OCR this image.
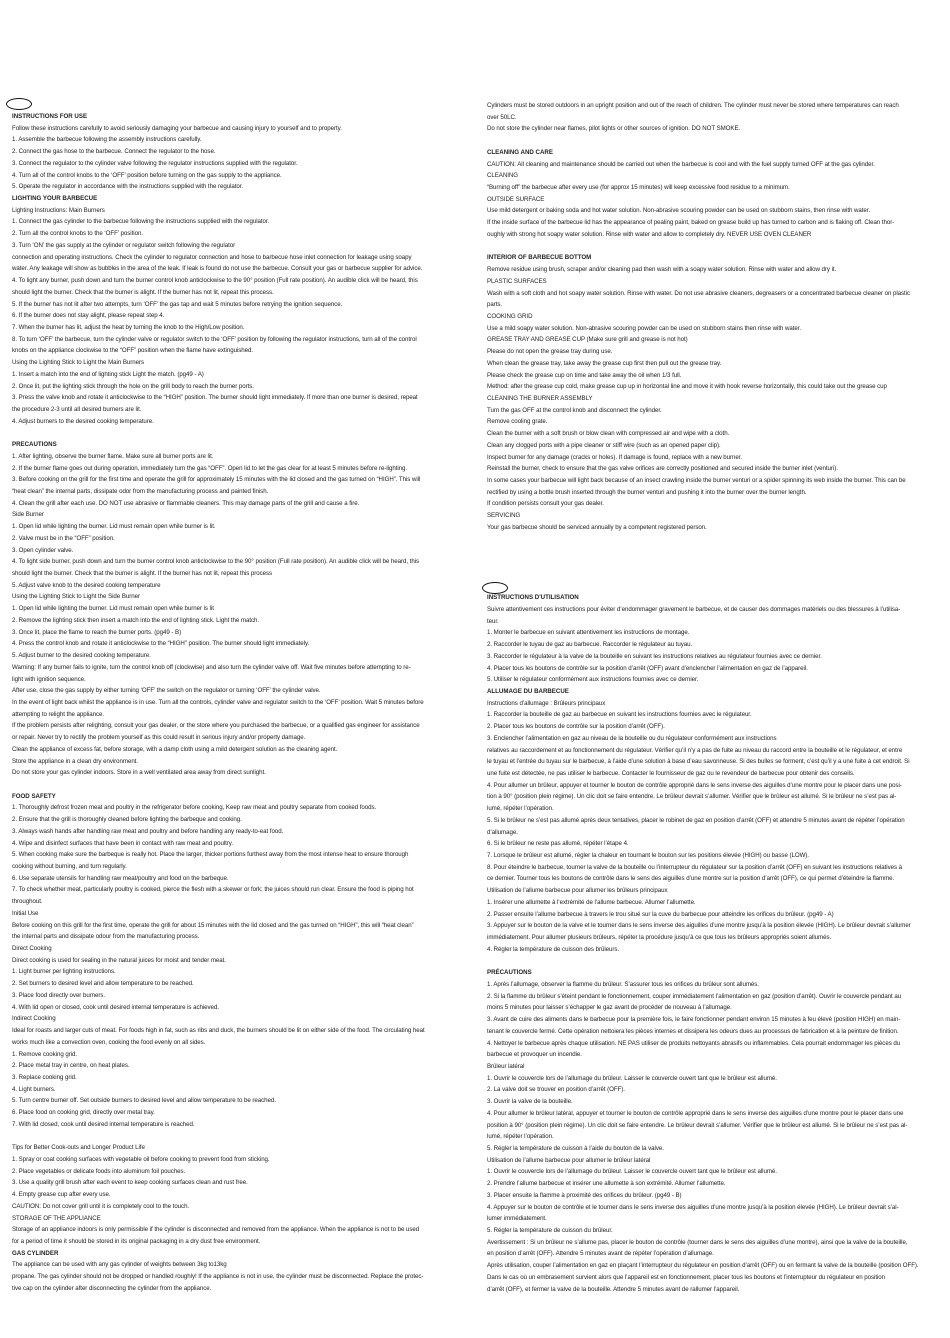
INSTRUCTIONS FOR USE
Follow these instructions carefully to avoid seriously damaging your barbecue and causing injury to yourself and to property.
1. Assemble the barbecue following the assembly instructions carefully.
2. Connect the gas hose to the barbecue. Connect the regulator to the hose.
3. Connect the regulator to the cylinder valve following the regulator instructions supplied with the regulator.
4. Turn all of the control knobs to the ‘OFF’ position before turning on the gas supply to the appliance.
5. Operate the regulator in accordance with the instructions supplied with the regulator.
LIGHTING YOUR BARBECUE
Lighting Instructions: Main Burners
1. Connect the gas cylinder to the barbecue following the instructions supplied with the regulator.
2. Turn all the control knobs to the ‘OFF’ position.
3. Turn ‘ON’ the gas supply at the cylinder or regulator switch following the regulator
connection and operating instructions. Check the cylinder to regulator connection and hose to barbecue hose inlet connection for leakage using soapy
water. Any leakage will show as bubbles in the area of the leak. If leak is found do not use the barbecue. Consult your gas or barbecue supplier for advice.
4. To light any burner, push down and turn the burner control knob anticlockwise to the 90° position (Full rate position). An audible click will be heard, this
should light the burner. Check that the burner is alight. If the burner has not lit, repeat this process.
5. If the burner has not lit after two attempts, turn ‘OFF’ the gas tap and wait 5 minutes before retrying the ignition sequence.
6. If the burner does not stay alight, please repeat step 4.
7. When the burner has lit, adjust the heat by turning the knob to the High/Low position.
8. To turn ‘OFF’ the barbecue, turn the cylinder valve or regulator switch to the ‘OFF’ position by following the regulator instructions, turn all of the control
knobs on the appliance clockwise to the “OFF” position when the flame have extinguished.
Using the Lighting Stick to Light the Main Burners
1. Insert a match into the end of lighting stick Light the match. (pg49 - A)
2. Once lit, put the lighting stick through the hole on the grill body to reach the burner ports.
3. Press the valve knob and rotate it anticlockwise to the “HIGH” position. The burner should light immediately. If more than one burner is desired, repeat
the procedure 2-3 until all desired burners are lit.
4. Adjust burners to the desired cooking temperature.
PRECAUTIONS
1. After lighting, observe the burner flame. Make sure all burner ports are lit.
2. If the burner flame goes out during operation, immediately turn the gas “OFF”. Open lid to let the gas clear for at least 5 minutes before re-lighting.
3. Before cooking on the grill for the first time and operate the grill for approximately 15 minutes with the lid closed and the gas turned on “HIGH”. This will
“heat clean” the internal parts, dissipate odor from the manufacturing process and painted finish.
4. Clean the grill after each use. DO NOT use abrasive or flammable cleaners. This may damage parts of the grill and cause a fire.
Side Burner
1. Open lid while lighting the burner. Lid must remain open while burner is lit.
2. Valve must be in the “OFF” position.
3. Open cylinder valve.
4. To light side burner, push down and turn the burner control knob anticlockwise to the 90° position (Full rate position). An audible click will be heard, this
should light the burner. Check that the burner is alight. If the burner has not lit, repeat this process
5. Adjust valve knob to the desired cooking temperature
Using the Lighting Stick to Light the Side Burner
1. Open lid while lighting the burner. Lid must remain open while burner is lit
2. Remove the lighting stick then insert a match into the end of lighting stick. Light the match.
3. Once lit, place the flame to reach the burner ports. (pg49 - B)
4. Press the control knob and rotate it anticlockwise to the “HIGH” position. The burner should light immediately.
5. Adjust burner to the desired cooking temperature.
Warning: If any burner fails to ignite, turn the control knob off (clockwise) and also turn the cylinder valve off. Wait five minutes before attempting to re-
light with ignition sequence.
After use, close the gas supply by either turning ‘OFF’ the switch on the regulator or turning ‘OFF’ the cylinder valve.
In the event of light back whilst the appliance is in use. Turn all the controls, cylinder valve and regulator switch to the ‘OFF’ position. Wait 5 minutes before
attempting to relight the appliance.
If the problem persists after relighting, consult your gas dealer, or the store where you purchased the barbecue, or a qualified gas engineer for assistance
or repair. Never try to rectify the problem yourself as this could result in serious injury and/or property damage.
Clean the appliance of excess fat, before storage, with a damp cloth using a mild detergent solution as the cleaning agent.
Store the appliance in a clean dry environment.
Do not store your gas cylinder indoors. Store in a well ventilated area away from direct sunlight.
FOOD SAFETY
1. Thoroughly defrost frozen meat and poultry in the refrigerator before cooking, Keep raw meat and poultry separate from cooked foods.
2. Ensure that the grill is thoroughly cleaned before lighting the barbeque and cooking.
3. Always wash hands after handling raw meat and poultry and before handling any ready-to-eat food.
4. Wipe and disinfect surfaces that have been in contact with raw meat and poultry.
5. When cooking make sure the barbeque is really hot. Place the larger, thicker portions furthest away from the most intense heat to ensure thorough
cooking without burning, and turn regularly.
6. Use separate utensils for handling raw meat/poultry and food on the barbeque.
7. To check whether meat, particularly poultry is cooked, pierce the flesh with a skewer or fork; the juices should run clear. Ensure the food is piping hot
throughout.
Initial Use
Before cooking on this grill for the first time, operate the grill for about 15 minutes with the lid closed and the gas turned on “HIGH”, this will “heat clean”
the internal parts and dissipate odour from the manufacturing process.
Direct Cooking
Direct cooking is used for sealing in the natural juices for moist and tender meat.
1. Light burner per lighting instructions.
2. Set burners to desired level and allow temperature to be reached.
3. Place food directly over burners.
4. With lid open or closed, cook until desired internal temperature is achieved.
Indirect Cooking
Ideal for roasts and larger cuts of meat. For foods high in fat, such as ribs and duck, the burners should be lit on either side of the food. The circulating heat
works much like a convection oven, cooking the food evenly on all sides.
1. Remove cooking grid.
2. Place metal tray in centre, on heat plates.
3. Replace cooking grid.
4. Light burners.
5. Turn centre burner off. Set outside burners to desired level and allow temperature to be reached.
6. Place food on cooking grid, directly over metal tray.
7. With lid closed, cook until desired internal temperature is reached.
Tips for Better Cook-outs and Longer Product Life
1. Spray or coat cooking surfaces with vegetable oil before cooking to prevent food from sticking.
2. Place vegetables or delicate foods into aluminum foil pouches.
3. Use a quality grill brush after each event to keep cooking surfaces clean and rust free.
4. Empty grease cup after every use.
CAUTION: Do not cover grill until it is completely cool to the touch.
STORAGE OF THE APPLIANCE
Storage of an appliance indoors is only permissible if the cylinder is disconnected and removed from the appliance. When the appliance is not to be used
for a period of time it should be stored in its original packaging in a dry dust free environment.
GAS CYLINDER
The appliance can be used with any gas cylinder of weights between 3kg to13kg
propane. The gas cylinder should not be dropped or handled roughly! If the appliance is not in use, the cylinder must be disconnected. Replace the protec-
tive cap on the cylinder after disconnecting the cylinder from the appliance.
Cylinders must be stored outdoors in an upright position and out of the reach of children. The cylinder must never be stored where temperatures can reach
over 50LC.
Do not store the cylinder near flames, pilot lights or other sources of ignition. DO NOT SMOKE.
CLEANING AND CARE
CAUTION: All cleaning and maintenance should be carried out when the barbecue is cool and with the fuel supply turned OFF at the gas cylinder.
CLEANING
“Burning off” the barbecue after every use (for approx 15 minutes) will keep excessive food residue to a minimum.
OUTSIDE SURFACE
Use mild detergent or baking soda and hot water solution. Non-abrasive scouring powder can be used on stubborn stains, then rinse with water.
If the inside surface of the barbecue lid has the appearance of pealing paint, baked on grease build up has turned to carbon and is flaking off. Clean thor-
oughly with strong hot soapy water solution. Rinse with water and allow to completely dry. NEVER USE OVEN CLEANER
INTERIOR OF BARBECUE BOTTOM
Remove residue using brush, scraper and/or cleaning pad then wash with a soapy water solution. Rinse with water and allow dry it.
PLASTIC SURFACES
Wash with a soft cloth and hot soapy water solution. Rinse with water. Do not use abrasive cleaners, degreasers or a concentrated barbecue cleaner on plastic
parts.
COOKING GRID
Use a mild soapy water solution. Non-abrasive scouring powder can be used on stubborn stains then rinse with water.
GREASE TRAY AND GREASE CUP (Make sure grill and grease is not hot)
Please do not open the grease tray during use.
When clean the grease tray, take away the grease cup first then pull out the grease tray.
Please check the grease cup on time and take away the oil when 1/3 full.
Method: after the grease cup cold, make grease cup up in horizontal line and move it with hook reverse horizontally, this could take out the grease cup
CLEANING THE BURNER ASSEMBLY
Turn the gas OFF at the control knob and disconnect the cylinder.
Remove cooling grate.
Clean the burner with a soft brush or blow clean with compressed air and wipe with a cloth.
Clean any clogged ports with a pipe cleaner or stiff wire (such as an opened paper clip).
Inspect burner for any damage (cracks or holes). If damage is found, replace with a new burner.
Reinstall the burner, check to ensure that the gas valve orifices are correctly positioned and secured inside the burner inlet (venturi).
In some cases your barbecue will light back because of an insect crawling inside the burner venturi or a spider spinning its web inside the burner. This can be
rectified by using a bottle brush inserted through the burner venturi and pushing it into the burner over the burner length.
If condition persists consult your gas dealer.
SERVICING
Your gas barbecue should be serviced annually by a competent registered person.
INSTRUCTIONS D'UTILISATION
Suivre attentivement ces instructions pour éviter d’endommager gravement le barbecue, et de causer des dommages matériels ou des blessures à l’utilisa-
teur.
1. Monter le barbecue en suivant attentivement les instructions de montage.
2. Raccorder le tuyau de gaz au barbecue. Raccorder le régulateur au tuyau.
3. Raccorder le régulateur à la valve de la bouteille en suivant les instructions relatives au régulateur fournies avec ce dernier.
4. Placer tous les boutons de contrôle sur la position d’arrêt (OFF) avant d’enclencher l’alimentation en gaz de l’appareil.
5. Utiliser le régulateur conformément aux instructions fournies avec ce dernier.
ALLUMAGE DU BARBECUE
Instructions d’allumage : Brûleurs principaux
1. Raccorder la bouteille de gaz au barbecue en suivant les instructions fournies avec le régulateur.
2. Placer tous les boutons de contrôle sur la position d’arrêt (OFF).
3. Enclencher l’alimentation en gaz au niveau de la bouteille ou du régulateur conformément aux instructions
relatives au raccordement et au fonctionnement du régulateur. Vérifier qu’il n’y a pas de fuite au niveau du raccord entre la bouteille et le régulateur, et entre
le tuyau et l’entrée du tuyau sur le barbecue, à l’aide d’une solution à base d’eau savonneuse. Si des bulles se forment, c’est qu’il y a une fuite à cet endroit. Si
une fuite est détectée, ne pas utiliser le barbecue. Contacter le fournisseur de gaz ou le revendeur de barbecue pour obtenir des conseils.
4. Pour allumer un brûleur, appuyer et tourner le bouton de contrôle approprié dans le sens inverse des aiguilles d’une montre pour le placer dans une posi-
tion à 90° (position plein régime). Un clic doit se faire entendre. Le brûleur devrait s’allumer. Vérifier que le brûleur est allumé. Si le brûleur ne s’est pas al-
lumé, répéter l’opération.
5. Si le brûleur ne s’est pas allumé après deux tentatives, placer le robinet de gaz en position d’arrêt (OFF) et attendre 5 minutes avant de répéter l’opération
d’allumage.
6. Si le brûleur ne reste pas allumé, répéter l’étape 4.
7. Lorsque le brûleur est allumé, régler la chaleur en tournant le bouton sur les positions élevée (HIGH) ou basse (LOW).
8. Pour éteindre le barbecue, tourner la valve de la bouteille ou l’interrupteur du régulateur sur la position d’arrêt (OFF) en suivant les instructions relatives à
ce dernier. Tourner tous les boutons de contrôle dans le sens des aiguilles d’une montre sur la position d’arrêt (OFF), ce qui permet d’éteindre la flamme.
Utilisation de l’allume barbecue pour allumer les brûleurs principaux
1. Insérer une allumette à l’extrémité de l’allume barbecue. Allumer l’allumette.
2. Passer ensuite l’allume barbecue à travers le trou situé sur la cuve du barbecue pour atteindre les orifices du brûleur. (pg49 - A)
3. Appuyer sur le bouton de la valve et le tourner dans le sens inverse des aiguilles d’une montre jusqu’à la position élevée (HIGH). Le brûleur devrait s’allumer
immédiatement. Pour allumer plusieurs brûleurs, répéter la procédure jusqu’à ce que tous les brûleurs appropriés soient allumés.
4. Régler la température de cuisson des brûleurs.
PRÉCAUTIONS
1. Après l’allumage, observer la flamme du brûleur. S’assurer tous les orifices du brûleur sont allumés.
2. Si la flamme du brûleur s’éteint pendant le fonctionnement, couper immédiatement l’alimentation en gaz (position d’arrêt). Ouvrir le couvercle pendant au
moins 5 minutes pour laisser s’échapper le gaz avant de procéder de nouveau à l’allumage.
3. Avant de cuire des aliments dans le barbecue pour la première fois, le faire fonctionner pendant environ 15 minutes à feu élevé (position HIGH) en main-
tenant le couvercle fermé. Cette opération nettoiera les pièces internes et dissipera les odeurs dues au processus de fabrication et à la peinture de finition.
4. Nettoyer le barbecue après chaque utilisation. NE PAS utiliser de produits nettoyants abrasifs ou inflammables. Cela pourrait endommager les pièces du
barbecue et provoquer un incendie.
Brûleur latéral
1. Ouvrir le couvercle lors de l’allumage du brûleur. Laisser le couvercle ouvert tant que le brûleur est allumé.
2. La valve doit se trouver en position d’arrêt (OFF).
3. Ouvrir la valve de la bouteille.
4. Pour allumer le brûleur latéral, appuyer et tourner le bouton de contrôle approprié dans le sens inverse des aiguilles d’une montre pour le placer dans une
position à 90° (position plein régime). Un clic doit se faire entendre. Le brûleur devrait s’allumer. Vérifier que le brûleur est allumé. Si le brûleur ne s’est pas al-
lumé, répéter l’opération.
5. Régler la température de cuisson à l’aide du bouton de la valve.
Utilisation de l’allume barbecue pour allumer le brûleur latéral
1. Ouvrir le couvercle lors de l’allumage du brûleur. Laisser le couvercle ouvert tant que le brûleur est allumé.
2. Prendre l’allume barbecue et insérer une allumette à son extrémité. Allumer l’allumette.
3. Placer ensuite la flamme à proximité des orifices du brûleur. (pg49 - B)
4. Appuyer sur le bouton de contrôle et le tourner dans le sens inverse des aiguilles d’une montre jusqu’à la position élevée (HIGH). Le brûleur devrait s’al-
lumer immédiatement.
5. Régler la température de cuisson du brûleur.
Avertissement : Si un brûleur ne s’allume pas, placer le bouton de contrôle (tourner dans le sens des aiguilles d’une montre), ainsi que la valve de la bouteille,
en position d’arrêt (OFF). Attendre 5 minutes avant de répéter l’opération d’allumage.
Après utilisation, couper l’alimentation en gaz en plaçant l’interrupteur du régulateur en position d’arrêt (OFF) ou en fermant la valve de la bouteille (position OFF).
Dans le cas où un embrasement survient alors que l’appareil est en fonctionnement, placer tous les boutons et l’interrupteur du régulateur en position
d’arrêt (OFF), et fermer la valve de la bouteille. Attendre 5 minutes avant de rallumer l’appareil.
